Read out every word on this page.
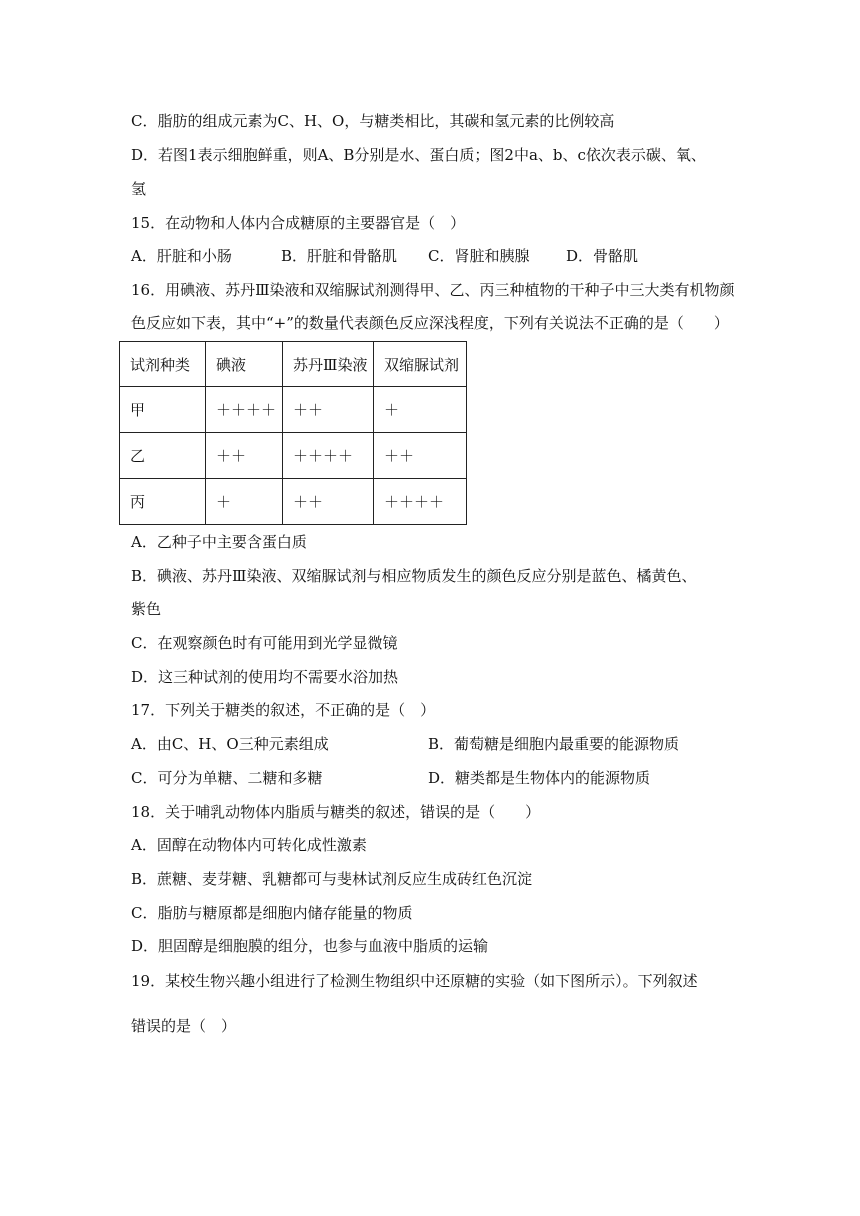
C．脂肪的组成元素为C、H、O，与糖类相比，其碳和氢元素的比例较高
D．若图1表示细胞鲜重，则A、B分别是水、蛋白质；图2中a、b、c依次表示碳、氧、
氢
15．在动物和人体内合成糖原的主要器官是（　）
A．肝脏和小肠	B．肝脏和骨骼肌 C．肾脏和胰腺 D．骨骼肌
16．用碘液、苏丹Ⅲ染液和双缩脲试剂测得甲、乙、丙三种植物的干种子中三大类有机物颜
色反应如下表，其中“+”的数量代表颜色反应深浅程度，下列有关说法不正确的是（　　）
试剂种类	碘液	苏丹Ⅲ染液	双缩脲试剂
甲	＋＋＋＋	＋＋	＋
乙	＋＋	＋＋＋＋	＋＋
丙	＋	＋＋	＋＋＋＋
A．乙种子中主要含蛋白质
B．碘液、苏丹Ⅲ染液、双缩脲试剂与相应物质发生的颜色反应分别是蓝色、橘黄色、
紫色
C．在观察颜色时有可能用到光学显微镜
D．这三种试剂的使用均不需要水浴加热
17．下列关于糖类的叙述，不正确的是（　）
A．由C、H、O三种元素组成	B．葡萄糖是细胞内最重要的能源物质
C．可分为单糖、二糖和多糖	D．糖类都是生物体内的能源物质
18．关于哺乳动物体内脂质与糖类的叙述，错误的是（　　）
A．固醇在动物体内可转化成性激素
B．蔗糖、麦芽糖、乳糖都可与斐林试剂反应生成砖红色沉淀
C．脂肪与糖原都是细胞内储存能量的物质
D．胆固醇是细胞膜的组分，也参与血液中脂质的运输
19．某校生物兴趣小组进行了检测生物组织中还原糖的实验（如下图所示）。下列叙述
错误的是（　）
